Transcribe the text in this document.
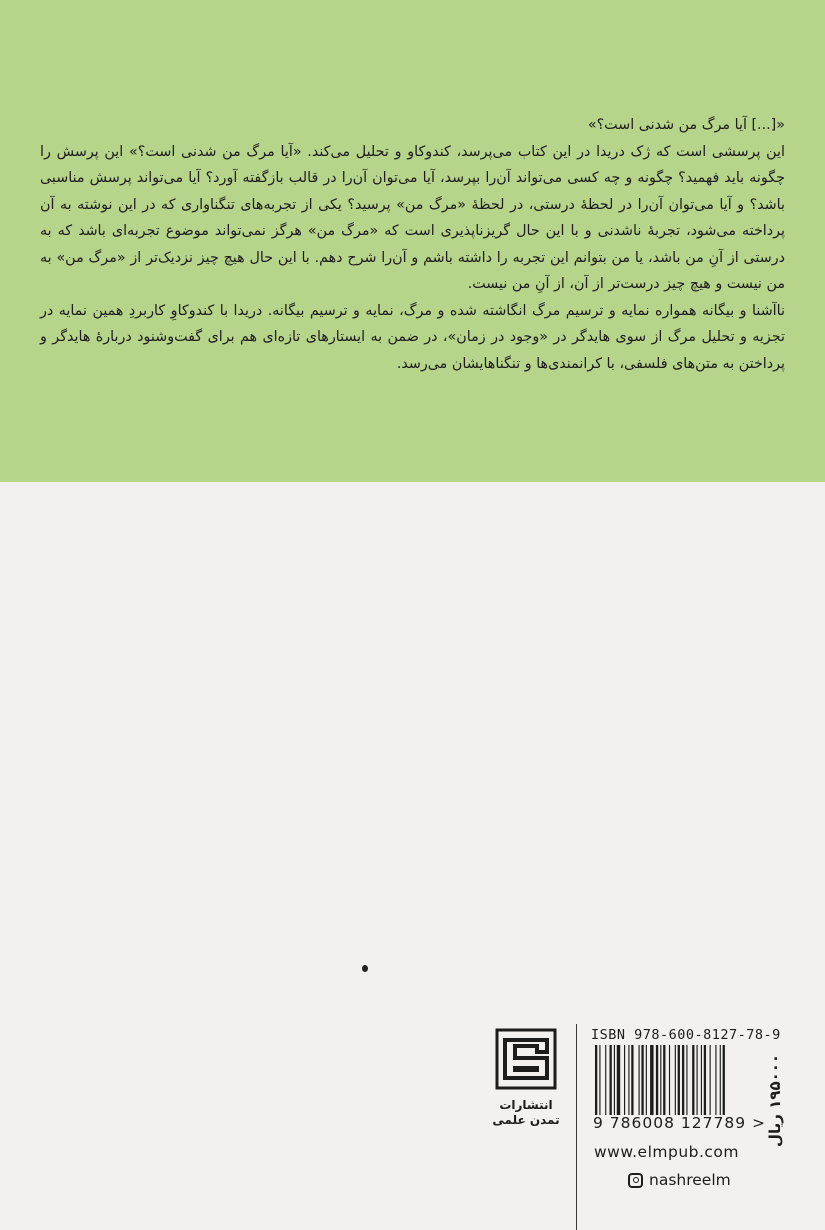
«[...] آیا مرگ من شدنی است؟»

این پرسشی است که ژک دریدا در این کتاب می‌پرسد، کندوکاو و تحلیل می‌کند. «آیا مرگ من شدنی است؟» این پرسش را چگونه باید فهمید؟ چگونه و چه کسی می‌تواند آن‌را بپرسد، آیا می‌توان آن‌را در قالب بازگفته آورد؟ آیا می‌تواند پرسش مناسبی باشد؟ و آیا می‌توان آن‌را در لحظهٔ درستی، در لحظهٔ «مرگ من» پرسید؟ یکی از تجربه‌های تنگناواری که در این نوشته به آن پرداخته می‌شود، تجربهٔ ناشدنی و با این حال گریزناپذیری است که «مرگ من» هرگز نمی‌تواند موضوع تجربه‌ای باشد که به درستی از آنِ من باشد، یا من بتوانم این تجربه را داشته باشم و آن‌را شرح دهم. با این حال هیچ چیز نزدیک‌تر از «مرگ من» به من نیست و هیچ چیز درست‌تر از آن، از آنِ من نیست.

ناآشنا و بیگانه همواره نمایه و ترسیم مرگ انگاشته شده و مرگ، نمایه و ترسیم بیگانه. دریدا با کندوکاوِ کاربردِ همین نمایه در تجزیه و تحلیل مرگ از سوی هایدگر در «وجود در زمان»، در ضمن به ایستارهای تازه‌ای هم برای گفت‌وشنود دربارهٔ هایدگر و پرداختن به متن‌های فلسفی، با کرانمندی‌ها و تنگناهایشان می‌رسد.

انتشارات
تمدن علمی
ISBN 978-600-8127-78-9
9 786008 127789 > ۱۹۵۰۰۰ ریال
www.elmpub.com
nashreelm
